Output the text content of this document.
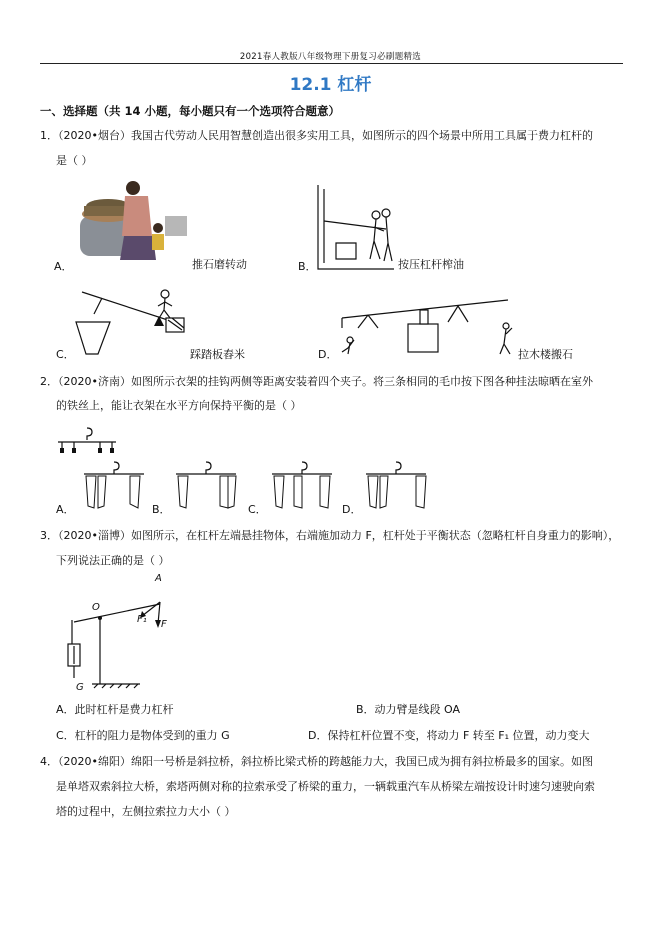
2021春人教版八年级物理下册复习必刷题精选
12.1 杠杆
一、选择题（共 14 小题，每小题只有一个选项符合题意）
1．（2020•烟台）我国古代劳动人民用智慧创造出很多实用工具，如图所示的四个场景中所用工具属于费力杠杆的
是（ ）
A．	推石磨转动	B．	按压杠杆榨油
C．	踩踏板舂米	D．	拉木楼搬石
2．（2020•济南）如图所示衣架的挂钩两侧等距离安装着四个夹子。将三条相同的毛巾按下图各种挂法晾晒在室外
的铁丝上，能让衣架在水平方向保持平衡的是（ ）
A．	B．	C．	D．
3．（2020•淄博）如图所示，在杠杆左端悬挂物体，右端施加动力 F，杠杆处于平衡状态（忽略杠杆自身重力的影响），
下列说法正确的是（ ）
A
O
F₁ F
G
A．此时杠杆是费力杠杆	B．动力臂是线段 OA
C．杠杆的阻力是物体受到的重力 G	D．保持杠杆位置不变，将动力 F 转至 F₁ 位置，动力变大
4．（2020•绵阳）绵阳一号桥是斜拉桥，斜拉桥比梁式桥的跨越能力大，我国已成为拥有斜拉桥最多的国家。如图
是单塔双索斜拉大桥，索塔两侧对称的拉索承受了桥梁的重力，一辆载重汽车从桥梁左端按设计时速匀速驶向索
塔的过程中，左侧拉索拉力大小（ ）
